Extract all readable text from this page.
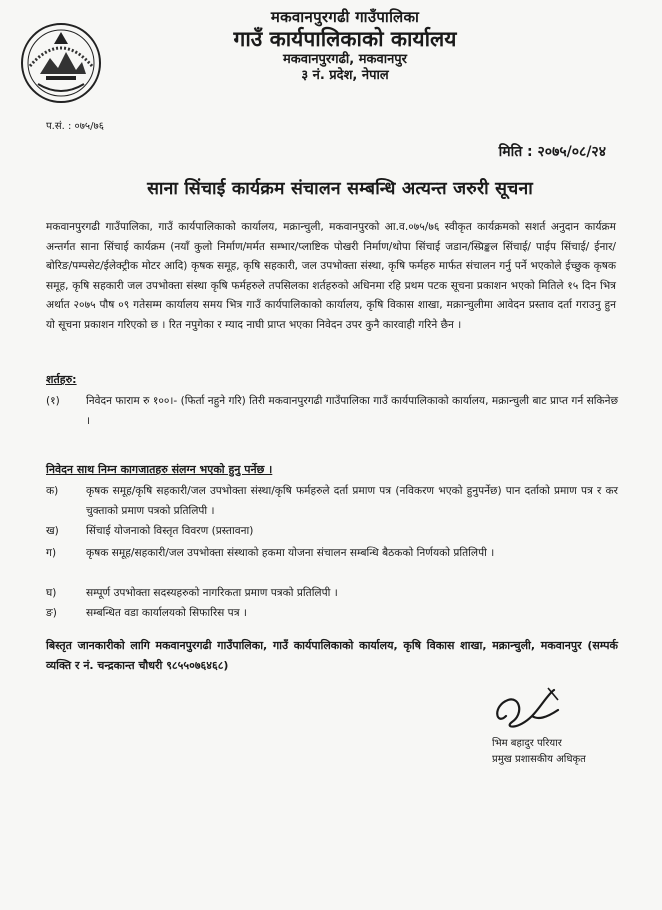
मकवानपुरगढी गाउँपालिका
गाउँ कार्यपालिकाको कार्यालय
मकवानपुरगढी, मकवानपुर
३ नं. प्रदेश, नेपाल
प.सं. : ०७५/७६
मिति : २०७५/०८/२४
साना सिंचाई कार्यक्रम संचालन सम्बन्धि अत्यन्त जरुरी सूचना

मकवानपुरगढी गाउँपालिका, गाउँ कार्यपालिकाको कार्यालय, मक्रान्चुली, मकवानपुरको आ.व.०७५/७६ स्वीकृत कार्यक्रमको सशर्त अनुदान कार्यक्रम अन्तर्गत साना सिंचाई कार्यक्रम (नयाँ कुलो निर्माण/मर्मत सम्भार/प्लाष्टिक पोखरी निर्माण/थोपा सिंचाई जडान/स्प्रिङ्कल सिंचाई/ पाईप सिंचाई/ ईनार/ बोरिङ/पम्पसेट/ईलेक्ट्रीक मोटर आदि) कृषक समूह, कृषि सहकारी, जल उपभोक्ता संस्था, कृषि फर्महरु मार्फत संचालन गर्नु पर्ने भएकोले ईच्छुक कृषक समूह, कृषि सहकारी जल उपभोक्ता संस्था कृषि फर्महरुले तपसिलका शर्तहरुको अधिनमा रहि प्रथम पटक सूचना प्रकाशन भएको मितिले १५ दिन भित्र अर्थात २०७५ पौष ०९ गतेसम्म कार्यालय समय भित्र गाउँ कार्यपालिकाको कार्यालय, कृषि विकास शाखा, मक्रान्चुलीमा आवेदन प्रस्ताव दर्ता गराउनु हुन यो सूचना प्रकाशन गरिएको छ । रित नपुगेका र म्याद नाघी प्राप्त भएका निवेदन उपर कुनै कारवाही गरिने छैन ।

शर्तहरु:
(१)	निवेदन फाराम रु १००।- (फिर्ता नहुने गरि) तिरी मकवानपुरगढी गाउँपालिका गाउँ कार्यपालिकाको कार्यालय, मक्रान्चुली बाट प्राप्त गर्न सकिनेछ ।
निवेदन साथ निम्न कागजातहरु संलग्न भएको हुनु पर्नेछ ।
क)	कृषक समूह/कृषि सहकारी/जल उपभोक्ता संस्था/कृषि फर्महरुले दर्ता प्रमाण पत्र (नविकरण भएको हुनुपर्नेछ) पान दर्ताको प्रमाण पत्र र कर चुक्ताको प्रमाण पत्रको प्रतिलिपी ।
ख)	सिंचाई योजनाको विस्तृत विवरण (प्रस्तावना)
ग)	कृषक समूह/सहकारी/जल उपभोक्ता संस्थाको हकमा योजना संचालन सम्बन्धि बैठकको निर्णयको प्रतिलिपी ।
घ)	सम्पूर्ण उपभोक्ता सदस्यहरुको नागरिकता प्रमाण पत्रको प्रतिलिपी ।
ङ)	सम्बन्धित वडा कार्यालयको सिफारिस पत्र ।
बिस्तृत जानकारीको लागि मकवानपुरगढी गाउँपालिका, गाउँ कार्यपालिकाको कार्यालय, कृषि विकास शाखा, मक्रान्चुली, मकवानपुर (सम्पर्क व्यक्ति र नं. चन्द्रकान्त चौधरी ९८५५०७६४६८)
भिम बहादुर परियार
प्रमुख प्रशासकीय अधिकृत
